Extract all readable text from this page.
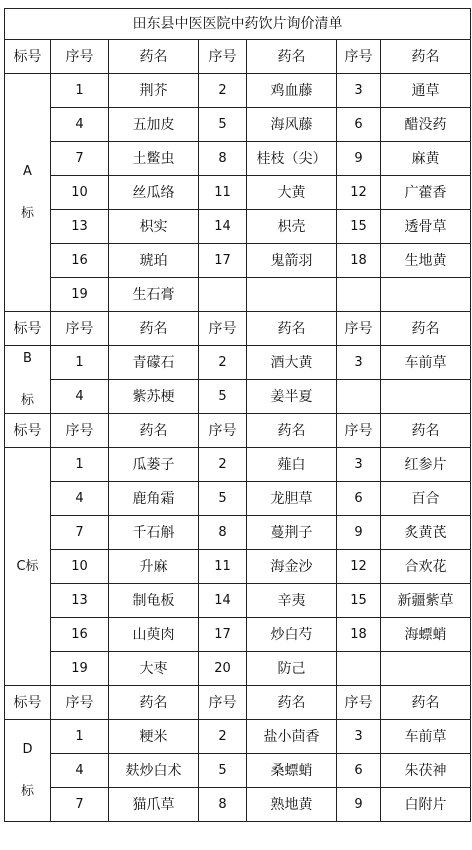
田东县中医医院中药饮片询价清单						
标号	序号	药名	序号	药名	序号	药名

A
标	1	荆芥	2	鸡血藤	3	通草
	4	五加皮	5	海风藤	6	醋没药
	7	土鳖虫	8	桂枝（尖）	9	麻黄
	10	丝瓜络	11	大黄	12	广藿香
	13	枳实	14	枳壳	15	透骨草
	16	琥珀	17	鬼箭羽	18	生地黄
	19	生石膏				
标号	序号	药名	序号	药名	序号	药名

B
标	1	青礞石	2	酒大黄	3	车前草
	4	紫苏梗	5	姜半夏		
标号	序号	药名	序号	药名	序号	药名

C标	1	瓜蒌子	2	薤白	3	红参片
	4	鹿角霜	5	龙胆草	6	百合
	7	千石斛	8	蔓荆子	9	炙黄芪
	10	升麻	11	海金沙	12	合欢花
	13	制龟板	14	辛夷	15	新疆紫草
	16	山萸肉	17	炒白芍	18	海螵蛸
	19	大枣	20	防己		
标号	序号	药名	序号	药名	序号	药名

D
标	1	粳米	2	盐小茴香	3	车前草
	4	麸炒白术	5	桑螵蛸	6	朱茯神
	7	猫爪草	8	熟地黄	9	白附片
